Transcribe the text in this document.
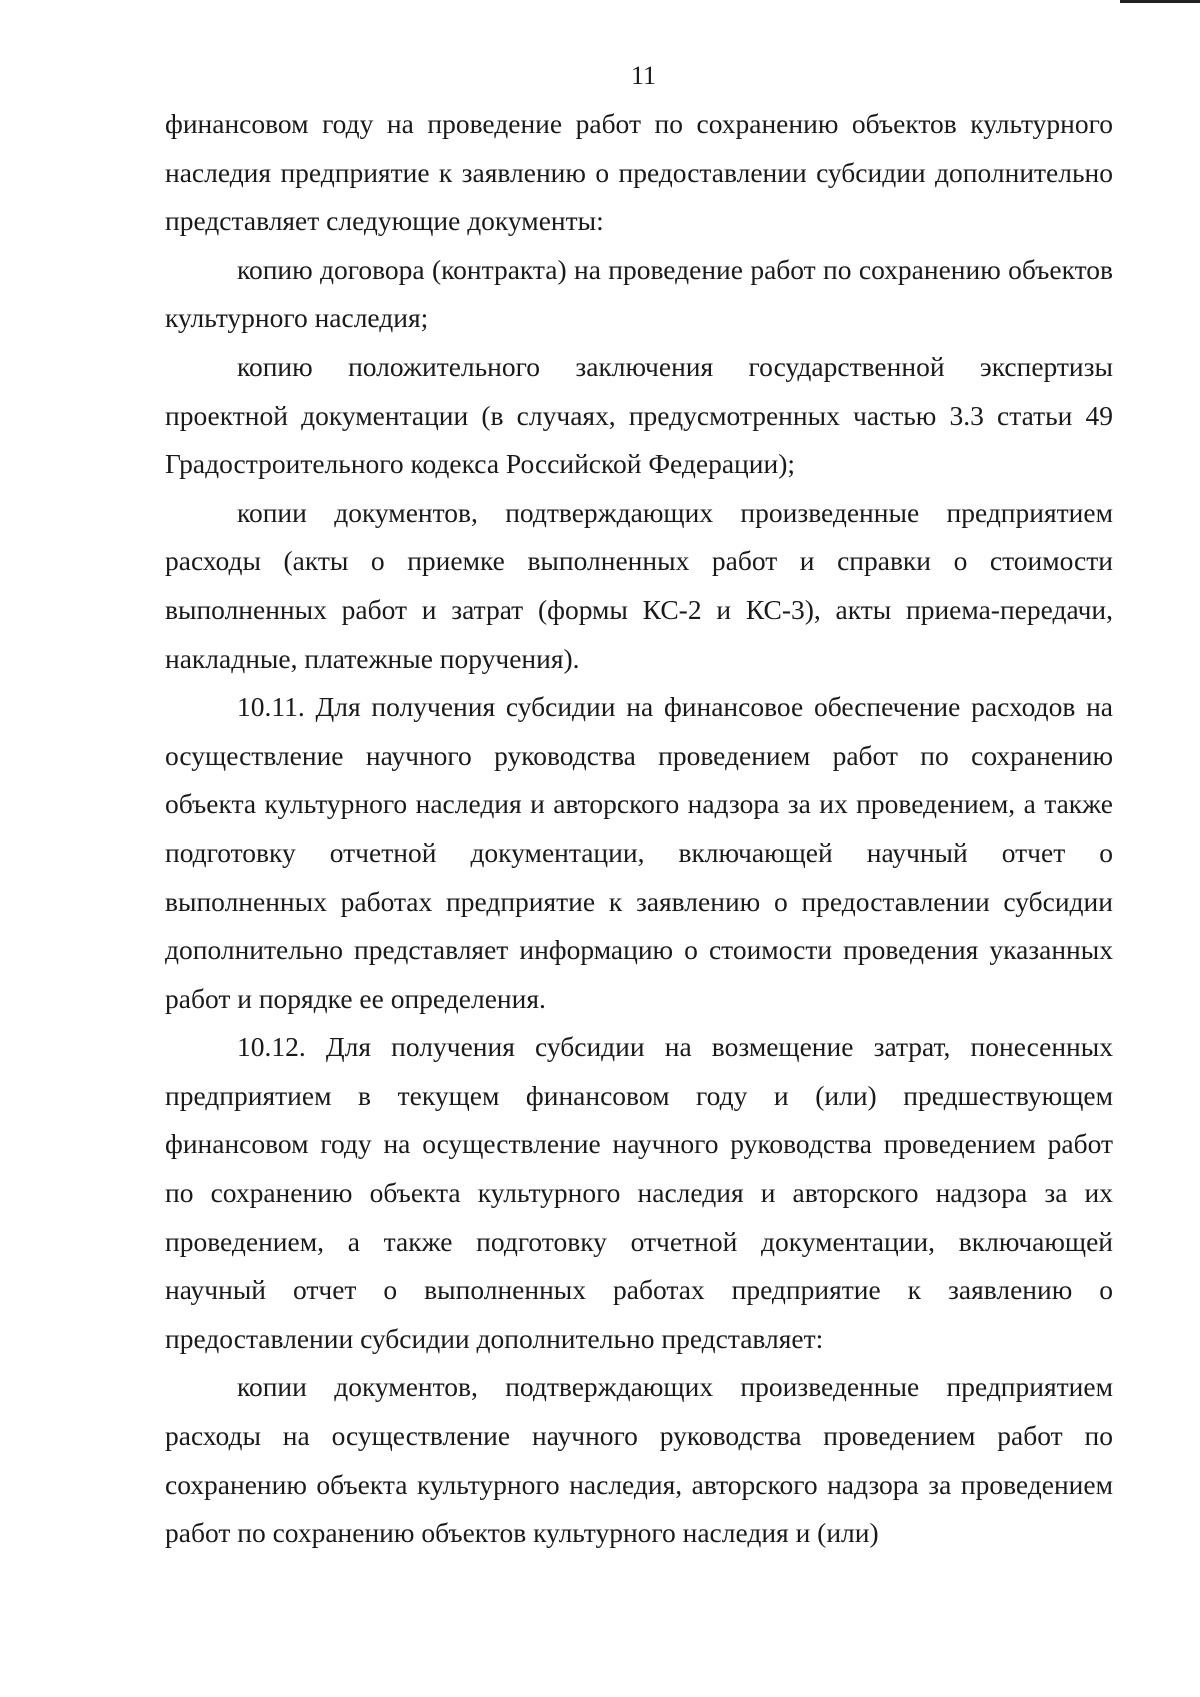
11

финансовом году на проведение работ по сохранению объектов культурного наследия предприятие к заявлению о предоставлении субсидии дополнительно представляет следующие документы:

копию договора (контракта) на проведение работ по сохранению объектов культурного наследия;

копию положительного заключения государственной экспертизы проектной документации (в случаях, предусмотренных частью 3.3 статьи 49 Градостроительного кодекса Российской Федерации);

копии документов, подтверждающих произведенные предприятием расходы (акты о приемке выполненных работ и справки о стоимости выполненных работ и затрат (формы КС-2 и КС-3), акты приема-передачи, накладные, платежные поручения).

10.11. Для получения субсидии на финансовое обеспечение расходов на осуществление научного руководства проведением работ по сохранению объекта культурного наследия и авторского надзора за их проведением, а также подготовку отчетной документации, включающей научный отчет о выполненных работах предприятие к заявлению о предоставлении субсидии дополнительно представляет информацию о стоимости проведения указанных работ и порядке ее определения.

10.12. Для получения субсидии на возмещение затрат, понесенных предприятием в текущем финансовом году и (или) предшествующем финансовом году на осуществление научного руководства проведением работ по сохранению объекта культурного наследия и авторского надзора за их проведением, а также подготовку отчетной документации, включающей научный отчет о выполненных работах предприятие к заявлению о предоставлении субсидии дополнительно представляет:

копии документов, подтверждающих произведенные предприятием расходы на осуществление научного руководства проведением работ по сохранению объекта культурного наследия, авторского надзора за проведением работ по сохранению объектов культурного наследия и (или)
